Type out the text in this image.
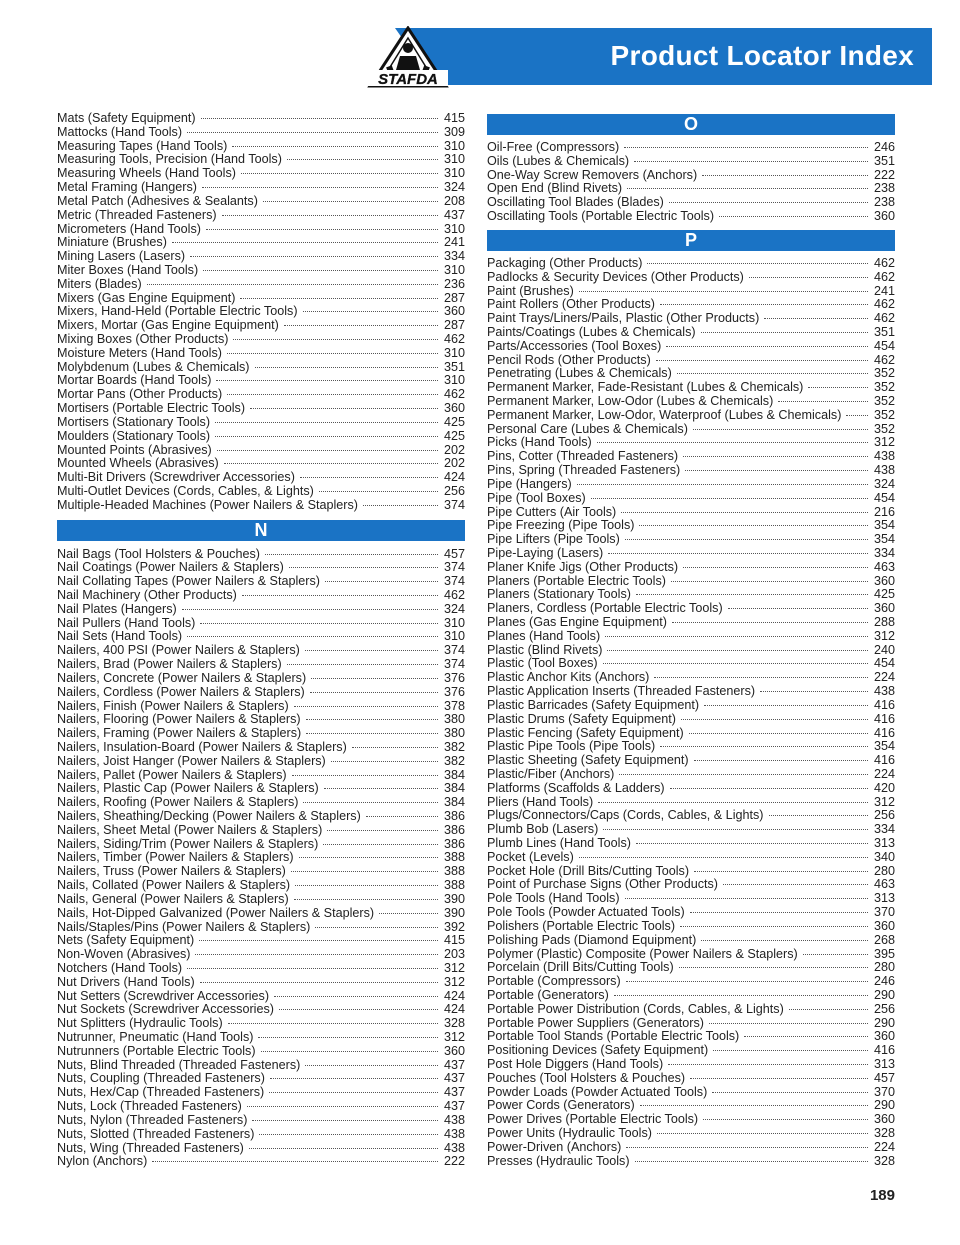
Product Locator Index
STAFDA
Mats (Safety Equipment)	415
Mattocks (Hand Tools)	309
Measuring Tapes (Hand Tools)	310
Measuring Tools, Precision (Hand Tools)	310
Measuring Wheels (Hand Tools)	310
Metal Framing (Hangers)	324
Metal Patch (Adhesives & Sealants)	208
Metric (Threaded Fasteners)	437
Micrometers (Hand Tools)	310
Miniature (Brushes)	241
Mining Lasers (Lasers)	334
Miter Boxes (Hand Tools)	310
Miters (Blades)	236
Mixers (Gas Engine Equipment)	287
Mixers, Hand-Held (Portable Electric Tools)	360
Mixers, Mortar (Gas Engine Equipment)	287
Mixing Boxes (Other Products)	462
Moisture Meters (Hand Tools)	310
Molybdenum (Lubes & Chemicals)	351
Mortar Boards (Hand Tools)	310
Mortar Pans (Other Products)	462
Mortisers (Portable Electric Tools)	360
Mortisers (Stationary Tools)	425
Moulders (Stationary Tools)	425
Mounted Points (Abrasives)	202
Mounted Wheels (Abrasives)	202
Multi-Bit Drivers (Screwdriver Accessories)	424
Multi-Outlet Devices (Cords, Cables, & Lights)	256
Multiple-Headed Machines (Power Nailers & Staplers)	374
N
Nail Bags (Tool Holsters & Pouches)	457
Nail Coatings (Power Nailers & Staplers)	374
Nail Collating Tapes (Power Nailers & Staplers)	374
Nail Machinery (Other Products)	462
Nail Plates (Hangers)	324
Nail Pullers (Hand Tools)	310
Nail Sets (Hand Tools)	310
Nailers, 400 PSI (Power Nailers & Staplers)	374
Nailers, Brad (Power Nailers & Staplers)	374
Nailers, Concrete (Power Nailers & Staplers)	376
Nailers, Cordless (Power Nailers & Staplers)	376
Nailers, Finish (Power Nailers & Staplers)	378
Nailers, Flooring (Power Nailers & Staplers)	380
Nailers, Framing (Power Nailers & Staplers)	380
Nailers, Insulation-Board (Power Nailers & Staplers)	382
Nailers, Joist Hanger (Power Nailers & Staplers)	382
Nailers, Pallet (Power Nailers & Staplers)	384
Nailers, Plastic Cap (Power Nailers & Staplers)	384
Nailers, Roofing (Power Nailers & Staplers)	384
Nailers, Sheathing/Decking (Power Nailers & Staplers)	386
Nailers, Sheet Metal (Power Nailers & Staplers)	386
Nailers, Siding/Trim (Power Nailers & Staplers)	386
Nailers, Timber (Power Nailers & Staplers)	388
Nailers, Truss (Power Nailers & Staplers)	388
Nails, Collated (Power Nailers & Staplers)	388
Nails, General (Power Nailers & Staplers)	390
Nails, Hot-Dipped Galvanized (Power Nailers & Staplers)	390
Nails/Staples/Pins (Power Nailers & Staplers)	392
Nets (Safety Equipment)	415
Non-Woven (Abrasives)	203
Notchers (Hand Tools)	312
Nut Drivers (Hand Tools)	312
Nut Setters (Screwdriver Accessories)	424
Nut Sockets (Screwdriver Accessories)	424
Nut Splitters (Hydraulic Tools)	328
Nutrunner, Pneumatic (Hand Tools)	312
Nutrunners (Portable Electric Tools)	360
Nuts, Blind Threaded (Threaded Fasteners)	437
Nuts, Coupling (Threaded Fasteners)	437
Nuts, Hex/Cap (Threaded Fasteners)	437
Nuts, Lock (Threaded Fasteners)	437
Nuts, Nylon (Threaded Fasteners)	438
Nuts, Slotted (Threaded Fasteners)	438
Nuts, Wing (Threaded Fasteners)	438
Nylon (Anchors)	222
O
Oil-Free (Compressors)	246
Oils (Lubes & Chemicals)	351
One-Way Screw Removers (Anchors)	222
Open End (Blind Rivets)	238
Oscillating Tool Blades (Blades)	238
Oscillating Tools (Portable Electric Tools)	360
P
Packaging (Other Products)	462
Padlocks & Security Devices (Other Products)	462
Paint (Brushes)	241
Paint Rollers (Other Products)	462
Paint Trays/Liners/Pails, Plastic (Other Products)	462
Paints/Coatings (Lubes & Chemicals)	351
Parts/Accessories (Tool Boxes)	454
Pencil Rods (Other Products)	462
Penetrating (Lubes & Chemicals)	352
Permanent Marker, Fade-Resistant (Lubes & Chemicals)	352
Permanent Marker, Low-Odor (Lubes & Chemicals)	352
Permanent Marker, Low-Odor, Waterproof (Lubes & Chemicals)	352
Personal Care (Lubes & Chemicals)	352
Picks (Hand Tools)	312
Pins, Cotter (Threaded Fasteners)	438
Pins, Spring (Threaded Fasteners)	438
Pipe (Hangers)	324
Pipe (Tool Boxes)	454
Pipe Cutters (Air Tools)	216
Pipe Freezing (Pipe Tools)	354
Pipe Lifters (Pipe Tools)	354
Pipe-Laying (Lasers)	334
Planer Knife Jigs (Other Products)	463
Planers (Portable Electric Tools)	360
Planers (Stationary Tools)	425
Planers, Cordless (Portable Electric Tools)	360
Planes (Gas Engine Equipment)	288
Planes (Hand Tools)	312
Plastic (Blind Rivets)	240
Plastic (Tool Boxes)	454
Plastic Anchor Kits (Anchors)	224
Plastic Application Inserts (Threaded Fasteners)	438
Plastic Barricades (Safety Equipment)	416
Plastic Drums (Safety Equipment)	416
Plastic Fencing (Safety Equipment)	416
Plastic Pipe Tools (Pipe Tools)	354
Plastic Sheeting (Safety Equipment)	416
Plastic/Fiber (Anchors)	224
Platforms (Scaffolds & Ladders)	420
Pliers (Hand Tools)	312
Plugs/Connectors/Caps (Cords, Cables, & Lights)	256
Plumb Bob (Lasers)	334
Plumb Lines (Hand Tools)	313
Pocket (Levels)	340
Pocket Hole (Drill Bits/Cutting Tools)	280
Point of Purchase Signs (Other Products)	463
Pole Tools (Hand Tools)	313
Pole Tools (Powder Actuated Tools)	370
Polishers (Portable Electric Tools)	360
Polishing Pads (Diamond Equipment)	268
Polymer (Plastic) Composite (Power Nailers & Staplers)	395
Porcelain (Drill Bits/Cutting Tools)	280
Portable (Compressors)	246
Portable (Generators)	290
Portable Power Distribution (Cords, Cables, & Lights)	256
Portable Power Suppliers (Generators)	290
Portable Tool Stands (Portable Electric Tools)	360
Positioning Devices (Safety Equipment)	416
Post Hole Diggers (Hand Tools)	313
Pouches (Tool Holsters & Pouches)	457
Powder Loads (Powder Actuated Tools)	370
Power Cords (Generators)	290
Power Drives (Portable Electric Tools)	360
Power Units (Hydraulic Tools)	328
Power-Driven (Anchors)	224
Presses (Hydraulic Tools)	328
189
